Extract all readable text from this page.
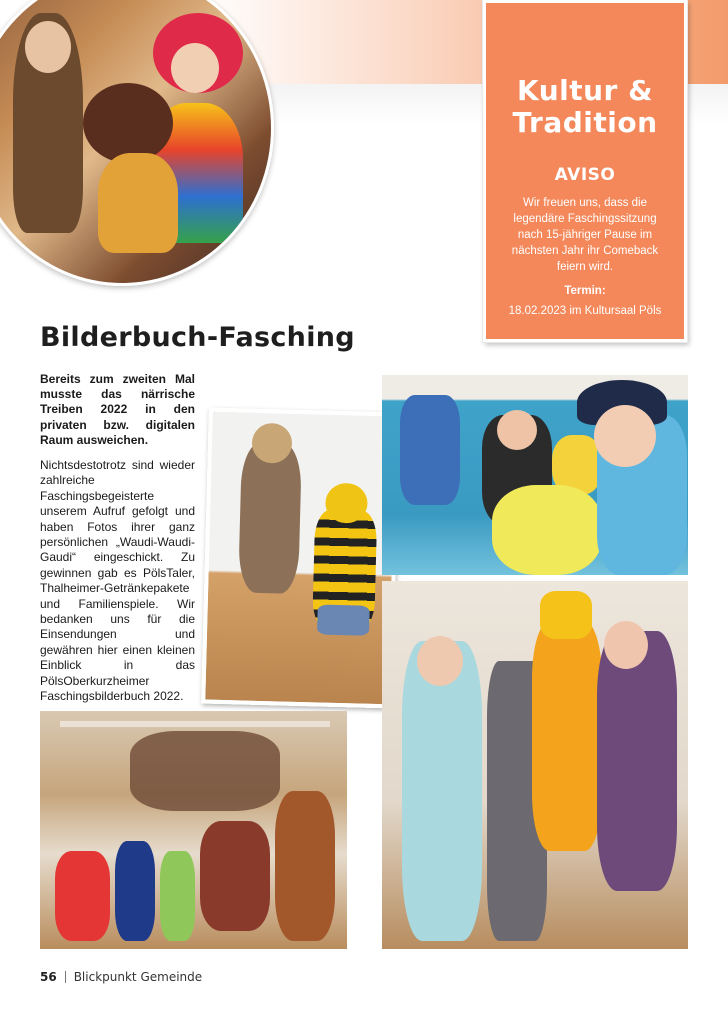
Kultur & Tradition
AVISO
Wir freuen uns, dass die legendäre Faschingssitzung nach 15-jähriger Pause im nächsten Jahr ihr Comeback feiern wird.
Termin:
18.02.2023 im Kultursaal Pöls
Bilderbuch-Fasching
Bereits zum zweiten Mal musste das närrische Treiben 2022 in den privaten bzw. digitalen Raum ausweichen.
Nichtsdestotrotz sind wieder zahlreiche Faschingsbegeisterte unserem Aufruf gefolgt und haben Fotos ihrer ganz persönlichen „Waudi-Waudi-Gaudi“ eingeschickt. Zu gewinnen gab es PölsTaler, Thalheimer-Getränkepakete und Familienspiele. Wir bedanken uns für die Einsendungen und gewähren hier einen kleinen Einblick in das PölsOberkurzheimer Faschingsbilderbuch 2022.
56 Blickpunkt Gemeinde
